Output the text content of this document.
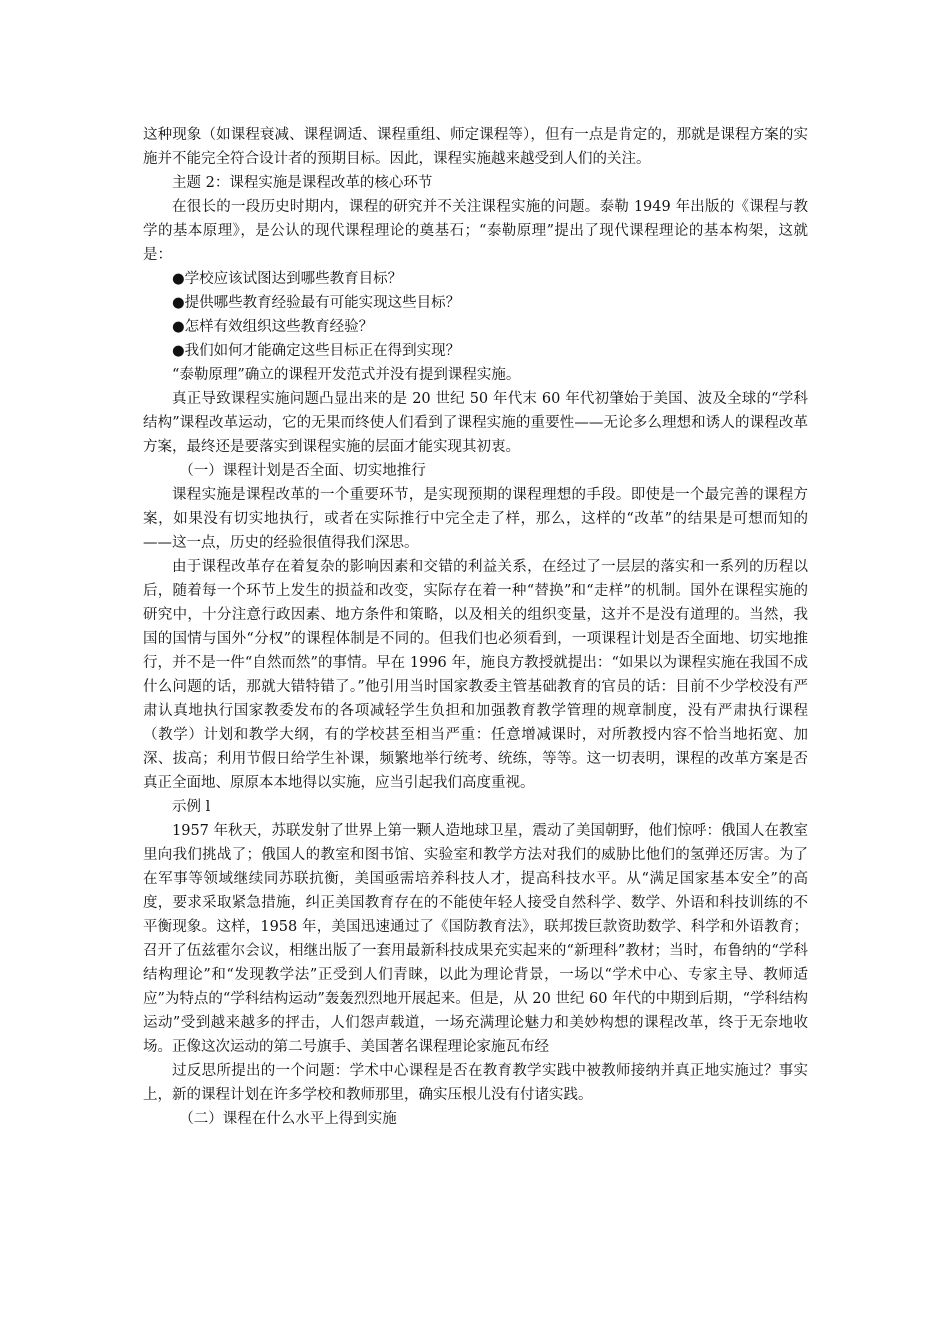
这种现象（如课程衰减、课程调适、课程重组、师定课程等），但有一点是肯定的，那就是课程方案的实施并不能完全符合设计者的预期目标。因此，课程实施越来越受到人们的关注。

主题 2：课程实施是课程改革的核心环节

在很长的一段历史时期内，课程的研究并不关注课程实施的问题。泰勒 1949 年出版的《课程与教学的基本原理》，是公认的现代课程理论的奠基石；“泰勒原理”提出了现代课程理论的基本构架，这就是：

●学校应该试图达到哪些教育目标？

●提供哪些教育经验最有可能实现这些目标？

●怎样有效组织这些教育经验？

●我们如何才能确定这些目标正在得到实现？

“泰勒原理”确立的课程开发范式并没有提到课程实施。

真正导致课程实施问题凸显出来的是 20 世纪 50 年代末 60 年代初肇始于美国、波及全球的“学科结构”课程改革运动，它的无果而终使人们看到了课程实施的重要性——无论多么理想和诱人的课程改革方案，最终还是要落实到课程实施的层面才能实现其初衷。

（一）课程计划是否全面、切实地推行

课程实施是课程改革的一个重要环节，是实现预期的课程理想的手段。即使是一个最完善的课程方案，如果没有切实地执行，或者在实际推行中完全走了样，那么，这样的“改革”的结果是可想而知的——这一点，历史的经验很值得我们深思。

由于课程改革存在着复杂的影响因素和交错的利益关系，在经过了一层层的落实和一系列的历程以后，随着每一个环节上发生的损益和改变，实际存在着一种“替换”和“走样”的机制。国外在课程实施的研究中，十分注意行政因素、地方条件和策略，以及相关的组织变量，这并不是没有道理的。当然，我国的国情与国外“分权”的课程体制是不同的。但我们也必须看到，一项课程计划是否全面地、切实地推行，并不是一件“自然而然”的事情。早在 1996 年，施良方教授就提出：“如果以为课程实施在我国不成什么问题的话，那就大错特错了。”他引用当时国家教委主管基础教育的官员的话：目前不少学校没有严肃认真地执行国家教委发布的各项减轻学生负担和加强教育教学管理的规章制度，没有严肃执行课程（教学）计划和教学大纲，有的学校甚至相当严重：任意增减课时，对所教授内容不恰当地拓宽、加深、拔高；利用节假日给学生补课，频繁地举行统考、统练，等等。这一切表明，课程的改革方案是否真正全面地、原原本本地得以实施，应当引起我们高度重视。

示例 l

1957 年秋天，苏联发射了世界上第一颗人造地球卫星，震动了美国朝野，他们惊呼：俄国人在教室里向我们挑战了；俄国人的教室和图书馆、实验室和教学方法对我们的威胁比他们的氢弹还厉害。为了在军事等领域继续同苏联抗衡，美国亟需培养科技人才，提高科技水平。从“满足国家基本安全”的高度，要求采取紧急措施，纠正美国教育存在的不能使年轻人接受自然科学、数学、外语和科技训练的不平衡现象。这样，1958 年，美国迅速通过了《国防教育法》，联邦拨巨款资助数学、科学和外语教育；召开了伍兹霍尔会议，相继出版了一套用最新科技成果充实起来的“新理科”教材；当时，布鲁纳的“学科结构理论”和“发现教学法”正受到人们青睐，以此为理论背景，一场以“学术中心、专家主导、教师适应”为特点的“学科结构运动”轰轰烈烈地开展起来。但是，从 20 世纪 60 年代的中期到后期，“学科结构运动”受到越来越多的抨击，人们怨声载道，一场充满理论魅力和美妙构想的课程改革，终于无奈地收场。正像这次运动的第二号旗手、美国著名课程理论家施瓦布经

过反思所提出的一个问题：学术中心课程是否在教育教学实践中被教师接纳并真正地实施过？事实上，新的课程计划在许多学校和教师那里，确实压根儿没有付诸实践。

（二）课程在什么水平上得到实施
